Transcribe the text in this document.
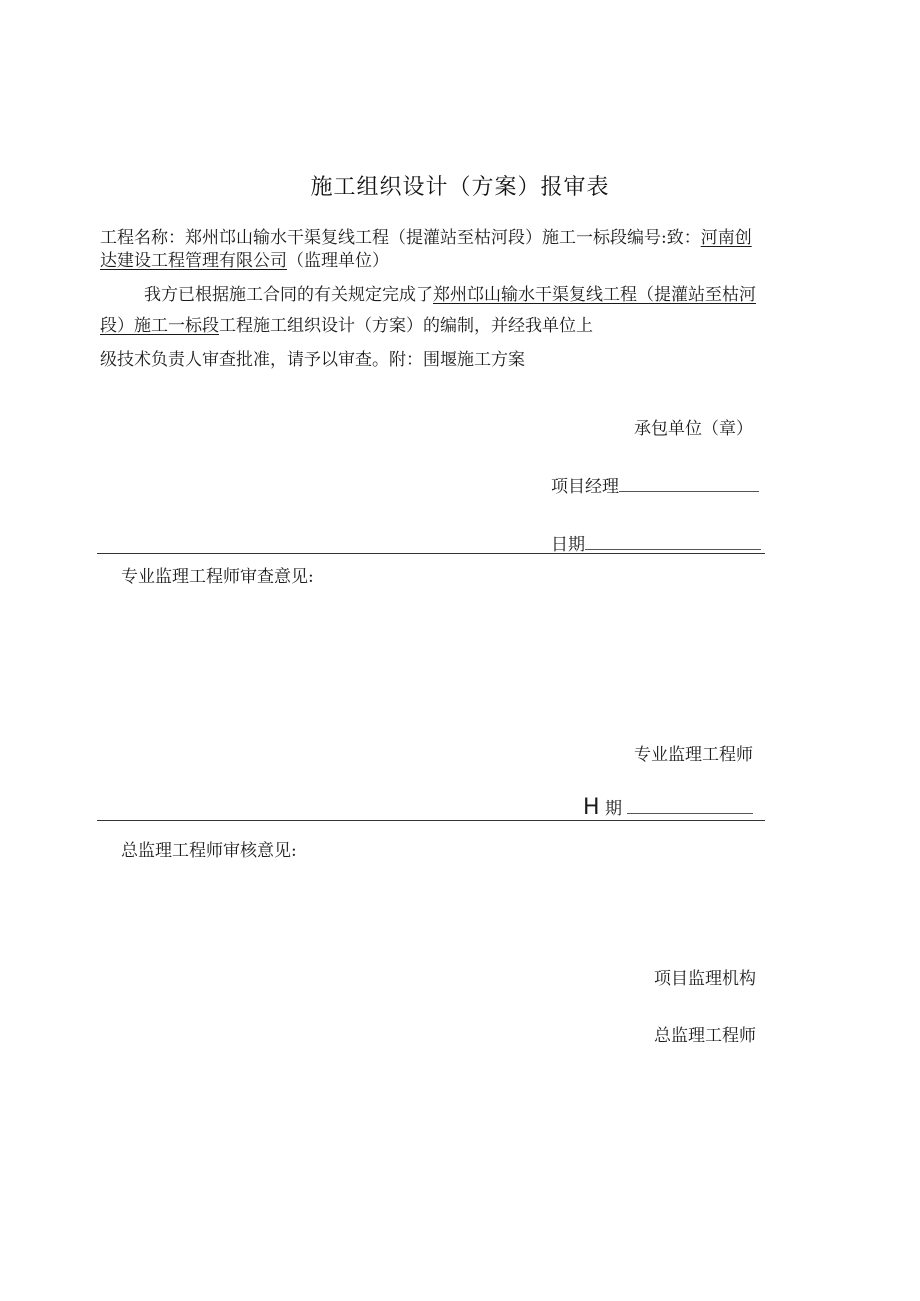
施工组织设计（方案）报审表
工程名称：郑州邙山输水干渠复线工程（提灌站至枯河段）施工一标段编号:致：河南创
达建设工程管理有限公司（监理单位）
我方已根据施工合同的有关规定完成了郑州邙山输水干渠复线工程（提灌站至枯河
段）施工一标段工程施工组织设计（方案）的编制，并经我单位上
级技术负责人审查批准，请予以审查。附：围堰施工方案
承包单位（章）
项目经理
日期
专业监理工程师审查意见:
专业监理工程师
H 期
总监理工程师审核意见:
项目监理机构
总监理工程师
